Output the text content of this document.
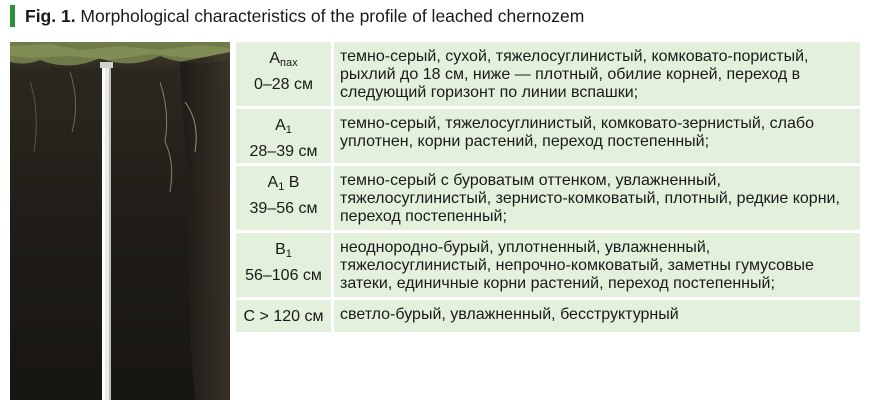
Fig. 1. Morphological characteristics of the profile of leached chernozem
$A_{пах}$
0–28 см
темно-серый, сухой, тяжелосуглинистый, комковато-пористый, рыхлий до 18 см, ниже — плотный, обилие корней, переход в следующий горизонт по линии вспашки;
$A_1$
28–39 см
темно-серый, тяжелосуглинистый, комковато-зернистый, слабо уплотнен, корни растений, переход постепенный;
$A_1$ B
39–56 см
темно-серый с буроватым оттенком, увлажненный, тяжелосуглинистый, зернисто-комковатый, плотный, редкие корни, переход постепенный;
$B_1$
56–106 см
неоднородно-бурый, уплотненный, увлажненный, тяжелосуглинистый, непрочно-комковатый, заметны гумусовые затеки, единичные корни растений, переход постепенный;
C > 120 см	светло-бурый, увлажненный, бесструктурный
